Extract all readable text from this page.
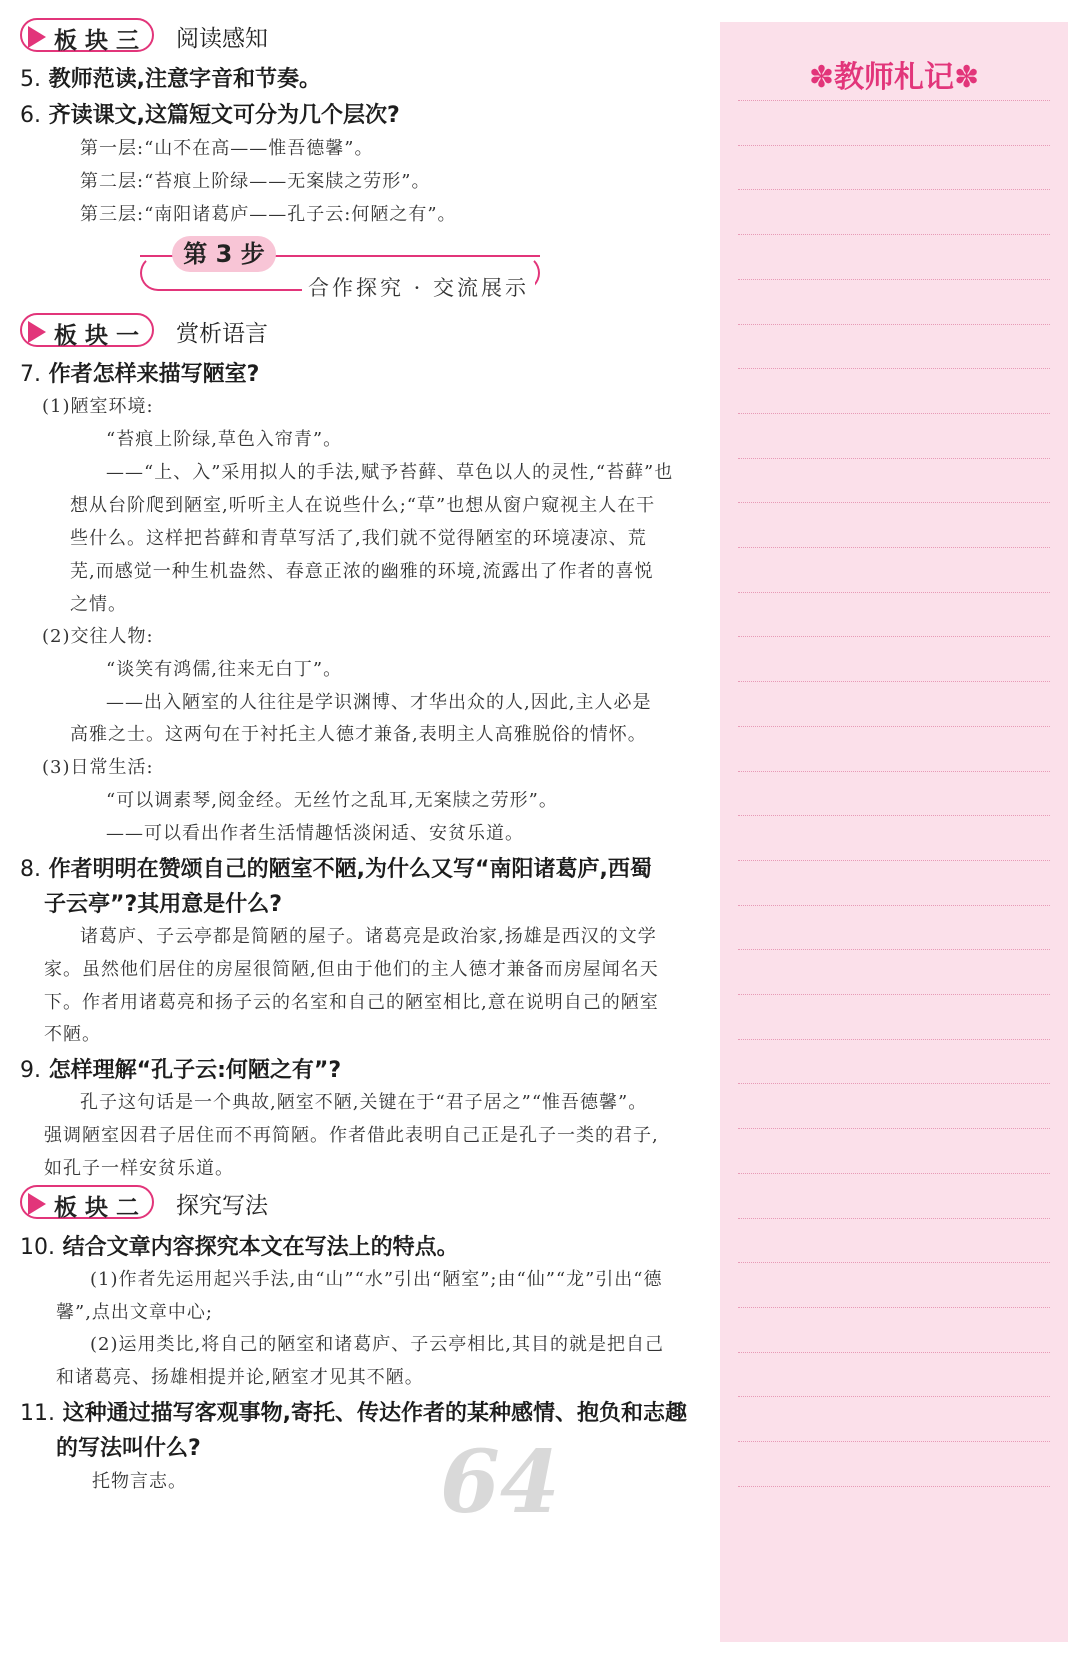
板块三 阅读感知
5. 教师范读,注意字音和节奏。
6. 齐读课文,这篇短文可分为几个层次?
第一层:“山不在高——惟吾德馨”。
第二层:“苔痕上阶绿——无案牍之劳形”。
第三层:“南阳诸葛庐——孔子云:何陋之有”。
第 3 步
合作探究 · 交流展示
板块一 赏析语言
7. 作者怎样来描写陋室?
(1)陋室环境:
“苔痕上阶绿,草色入帘青”。
——“上、入”采用拟人的手法,赋予苔藓、草色以人的灵性,“苔藓”也
想从台阶爬到陋室,听听主人在说些什么;“草”也想从窗户窥视主人在干
些什么。这样把苔藓和青草写活了,我们就不觉得陋室的环境凄凉、荒
芜,而感觉一种生机盎然、春意正浓的幽雅的环境,流露出了作者的喜悦
之情。
(2)交往人物:
“谈笑有鸿儒,往来无白丁”。
——出入陋室的人往往是学识渊博、才华出众的人,因此,主人必是
高雅之士。这两句在于衬托主人德才兼备,表明主人高雅脱俗的情怀。
(3)日常生活:
“可以调素琴,阅金经。无丝竹之乱耳,无案牍之劳形”。
——可以看出作者生活情趣恬淡闲适、安贫乐道。
8. 作者明明在赞颂自己的陋室不陋,为什么又写“南阳诸葛庐,西蜀
子云亭”?其用意是什么?
诸葛庐、子云亭都是简陋的屋子。诸葛亮是政治家,扬雄是西汉的文学
家。虽然他们居住的房屋很简陋,但由于他们的主人德才兼备而房屋闻名天
下。作者用诸葛亮和扬子云的名室和自己的陋室相比,意在说明自己的陋室
不陋。
9. 怎样理解“孔子云:何陋之有”?
孔子这句话是一个典故,陋室不陋,关键在于“君子居之”“惟吾德馨”。
强调陋室因君子居住而不再简陋。作者借此表明自己正是孔子一类的君子,
如孔子一样安贫乐道。
板块二 探究写法
10. 结合文章内容探究本文在写法上的特点。
(1)作者先运用起兴手法,由“山”“水”引出“陋室”;由“仙”“龙”引出“德
馨”,点出文章中心;
(2)运用类比,将自己的陋室和诸葛庐、子云亭相比,其目的就是把自己
和诸葛亮、扬雄相提并论,陋室才见其不陋。
11. 这种通过描写客观事物,寄托、传达作者的某种感情、抱负和志趣
的写法叫什么?
托物言志。	64
✽教师札记✽
